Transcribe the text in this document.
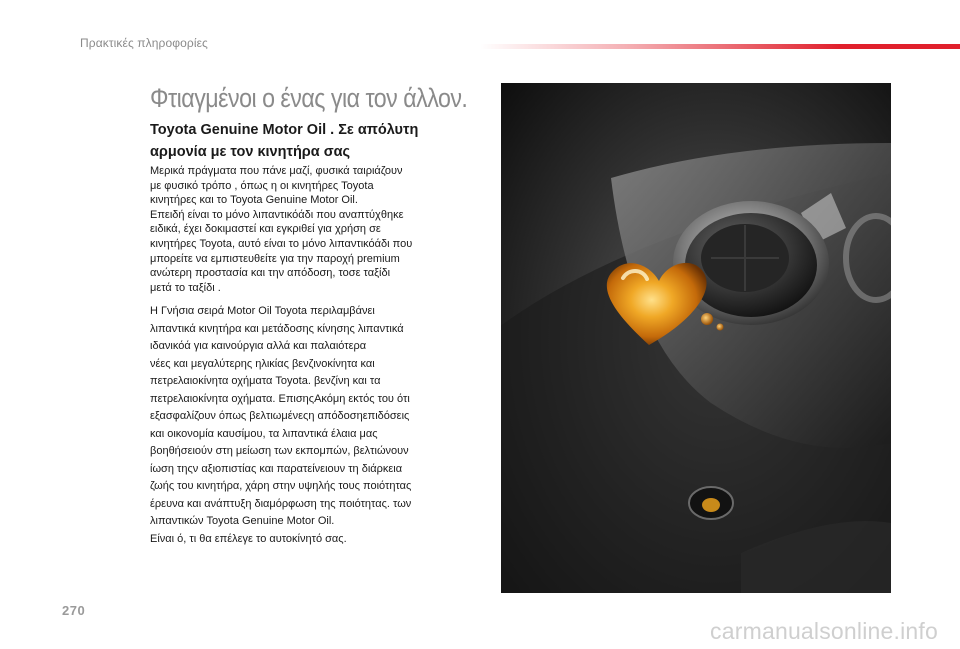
Πρακτικές πληροφορίες
Φτιαγμένοι ο ένας για τον άλλον.
Toyota Genuine Motor Oil . Σε απόλυτη
αρμονία με τον κινητήρα σας
Μερικά πράγματα που πάνε μαζί, φυσικά ταιριάζουν
με φυσικό τρόπο , όπως η οι κινητήρες Toyota
κινητήρες και το Toyota Genuine Motor Oil.
Επειδή είναι το μόνο λιπαντικόάδι που αναπτύχθηκε
ειδικά, έχει δοκιμαστεί και εγκριθεί για χρήση σε
κινητήρες Toyota, αυτό είναι το μόνο λιπαντικόάδι που
μπορείτε να εμπιστευθείτε για την παροχή premium
ανώτερη προστασία και την απόδοση, τοσε ταξίδι
μετά το ταξίδι .
Η Γνήσια σειρά Motor Oil Toyota περιλαμβάνει
λιπαντικά κινητήρα και μετάδοσης κίνησης λιπαντικά
ιδανικόά για καινούργια αλλά και παλαιότερα
νέες και μεγαλύτερης ηλικίας βενζινοκίνητα και
πετρελαιοκίνητα οχήματα Toyota. βενζίνη και τα
πετρελαιοκίνητα οχήματα. ΕπισηςΑκόμη εκτός του ότι
εξασφαλίζουν όπως βελτιωμένεςη απόδοσηεπιδόσεις
και οικονομία καυσίμου, τα λιπαντικά έλαια μας
βοηθήσειούν στη μείωση των εκπομπών, βελτιώνουν
ίωση τηςν αξιοπιστίας και παρατείνειουν τη διάρκεια
ζωής του κινητήρα, χάρη στην υψηλής τους ποιότητας
έρευνα και ανάπτυξη διαμόρφωση της ποιότητας. των
λιπαντικών Toyota Genuine Motor Oil.
Είναι ό, τι θα επέλεγε το αυτοκίνητό σας.
270
carmanualsonline.info
